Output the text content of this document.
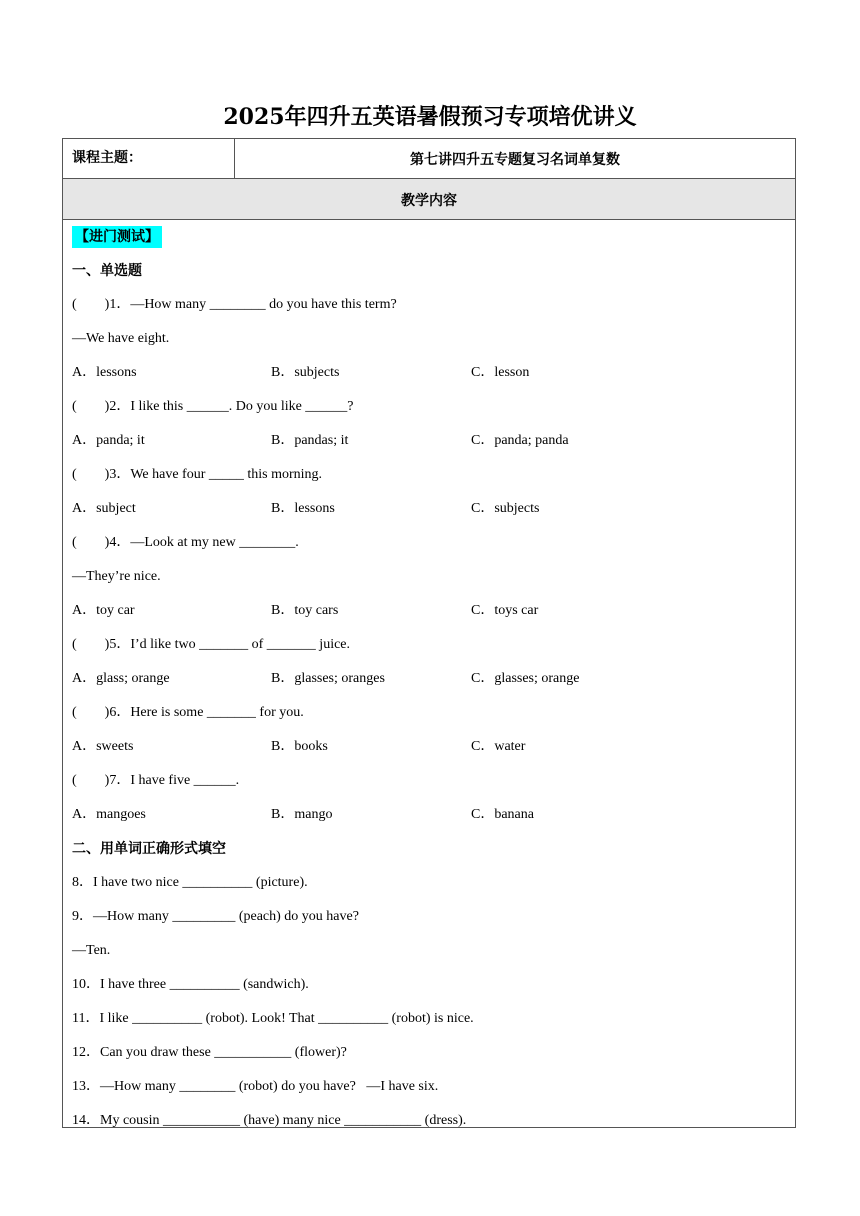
2025年四升五英语暑假预习专项培优讲义
课程主题：	第七讲四升五专题复习名词单复数
教学内容
【进门测试】
一、单选题
(        )1．—How many ________ do you have this term?
—We have eight.
A．lessons	B．subjects	C．lesson
(        )2．I like this ______. Do you like ______?
A．panda; it	B．pandas; it	C．panda; panda
(        )3．We have four _____ this morning.
A．subject	B．lessons	C．subjects
(        )4．—Look at my new ________.
—They’re nice.
A．toy car	B．toy cars	C．toys car
(        )5．I’d like two _______ of _______ juice.
A．glass; orange	B．glasses; oranges	C．glasses; orange
(        )6．Here is some _______ for you.
A．sweets	B．books	C．water
(        )7．I have five ______.
A．mangoes	B．mango	C．banana
二、用单词正确形式填空
8．I have two nice __________ (picture).
9．—How many _________ (peach) do you have?
—Ten.
10．I have three __________ (sandwich).
11．I like __________ (robot). Look! That __________ (robot) is nice.
12．Can you draw these ___________ (flower)?
13．—How many ________ (robot) do you have?   —I have six.
14．My cousin ___________ (have) many nice ___________ (dress).
